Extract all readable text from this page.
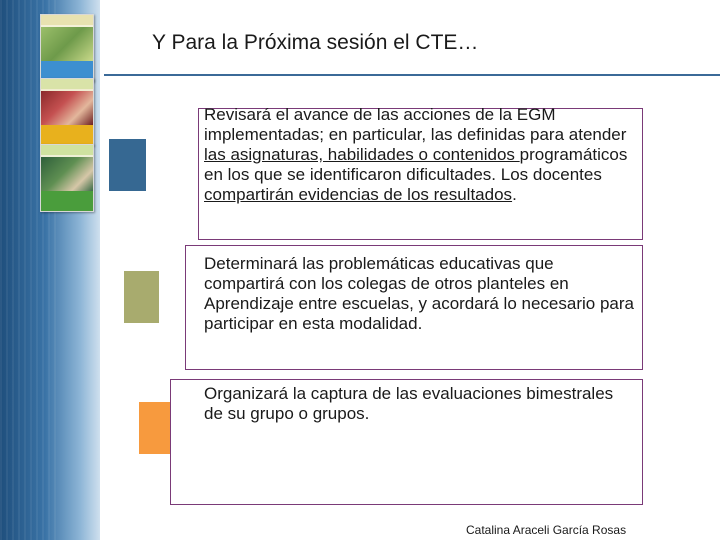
Y Para la Próxima sesión el CTE…

Revisará el avance de las acciones de la EGM implementadas; en particular, las definidas para atender las asignaturas, habilidades o contenidos programáticos en los que se identificaron dificultades. Los docentes compartirán evidencias de los resultados.

Determinará las problemáticas educativas que compartirá con los colegas de otros planteles en Aprendizaje entre escuelas, y acordará lo necesario para participar en esta modalidad.

Organizará la captura de las evaluaciones bimestrales de su grupo o grupos.

Catalina Araceli García Rosas
